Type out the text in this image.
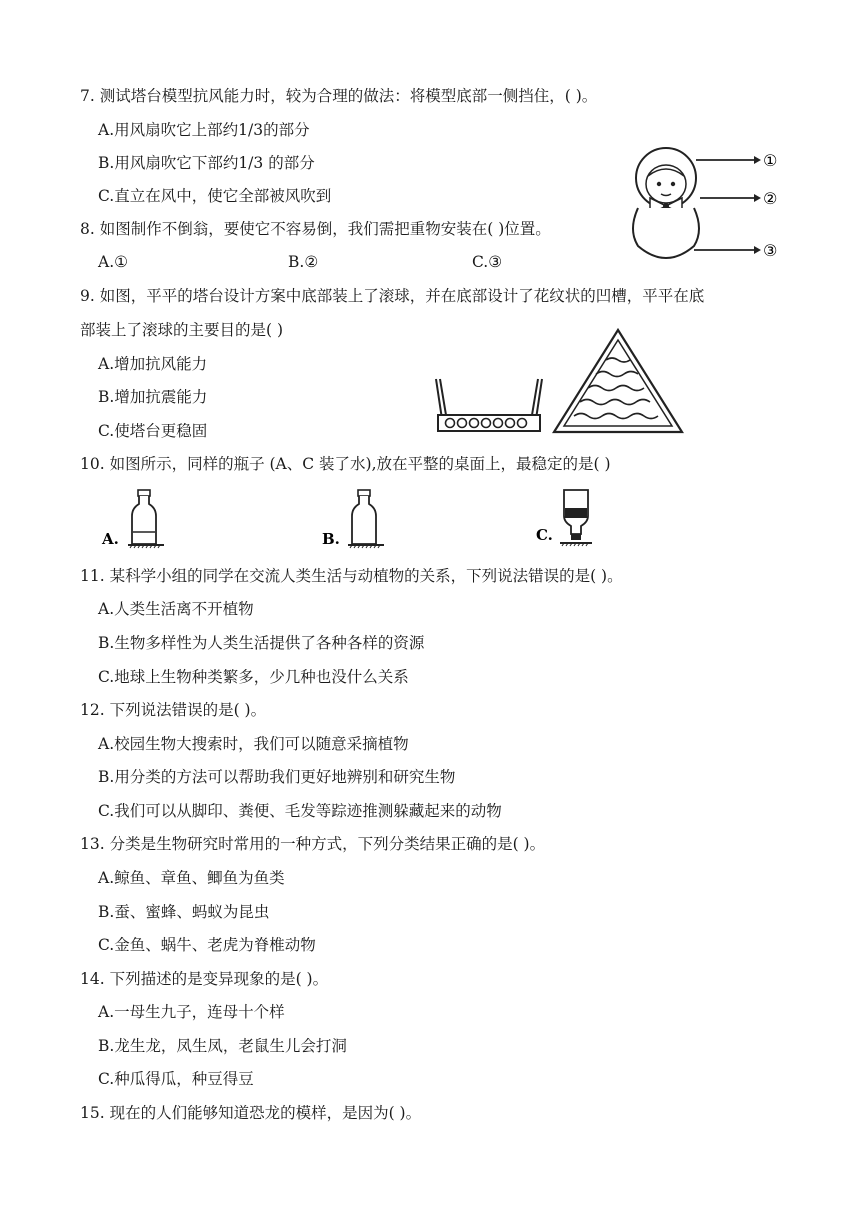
7. 测试塔台模型抗风能力时，较为合理的做法：将模型底部一侧挡住，( )。
A.用风扇吹它上部约1/3的部分
B.用风扇吹它下部约1/3 的部分
C.直立在风中，使它全部被风吹到
8. 如图制作不倒翁，要使它不容易倒，我们需把重物安装在( )位置。
A.①	B.②	C.③
①
②
③
9. 如图，平平的塔台设计方案中底部装上了滚球，并在底部设计了花纹状的凹槽，平平在底
部装上了滚球的主要目的是( )
A.增加抗风能力
B.增加抗震能力
C.使塔台更稳固
10. 如图所示，同样的瓶子 (A、C 装了水),放在平整的桌面上，最稳定的是( )
A.	B.	C.
11. 某科学小组的同学在交流人类生活与动植物的关系，下列说法错误的是( )。
A.人类生活离不开植物
B.生物多样性为人类生活提供了各种各样的资源
C.地球上生物种类繁多，少几种也没什么关系
12. 下列说法错误的是( )。
A.校园生物大搜索时，我们可以随意采摘植物
B.用分类的方法可以帮助我们更好地辨别和研究生物
C.我们可以从脚印、粪便、毛发等踪迹推测躲藏起来的动物
13. 分类是生物研究时常用的一种方式，下列分类结果正确的是( )。
A.鲸鱼、章鱼、鲫鱼为鱼类
B.蚕、蜜蜂、蚂蚁为昆虫
C.金鱼、蜗牛、老虎为脊椎动物
14. 下列描述的是变异现象的是( )。
A.一母生九子，连母十个样
B.龙生龙，凤生凤，老鼠生儿会打洞
C.种瓜得瓜，种豆得豆
15. 现在的人们能够知道恐龙的模样，是因为( )。
